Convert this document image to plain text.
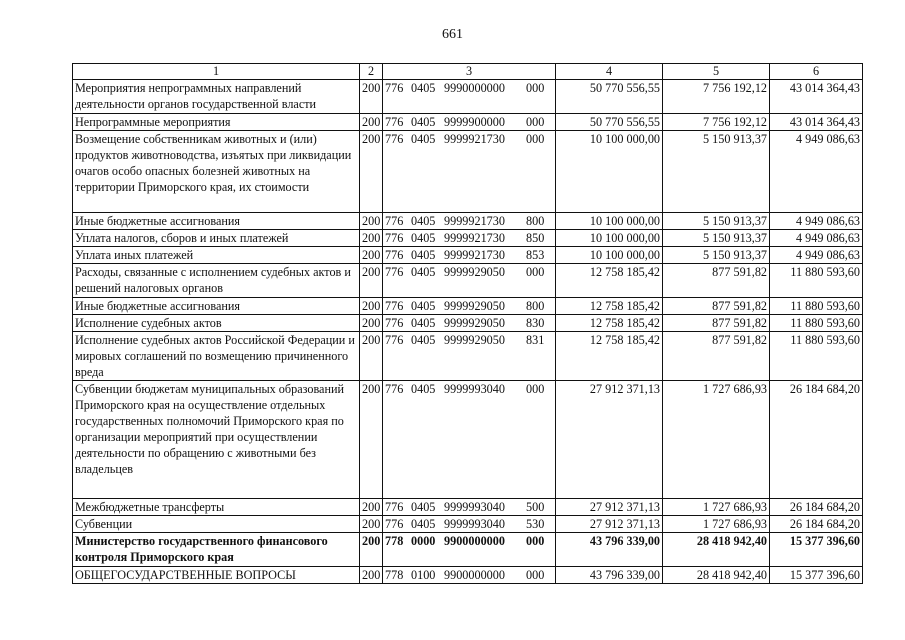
661
1	2	3	4	5	6
Мероприятия непрограммных направлений деятельности органов государственной власти	200	776 0405 9990000000 000	50 770 556,55	7 756 192,12	43 014 364,43
Непрограммные мероприятия	200	776 0405 9999900000 000	50 770 556,55	7 756 192,12	43 014 364,43
Возмещение собственникам животных и (или) продуктов животноводства, изъятых при ликвидации очагов особо опасных болезней животных на территории Приморского края, их стоимости	200	776 0405 9999921730 000	10 100 000,00	5 150 913,37	4 949 086,63
Иные бюджетные ассигнования	200	776 0405 9999921730 800	10 100 000,00	5 150 913,37	4 949 086,63
Уплата налогов, сборов и иных платежей	200	776 0405 9999921730 850	10 100 000,00	5 150 913,37	4 949 086,63
Уплата иных платежей	200	776 0405 9999921730 853	10 100 000,00	5 150 913,37	4 949 086,63
Расходы, связанные с исполнением судебных актов и решений налоговых органов	200	776 0405 9999929050 000	12 758 185,42	877 591,82	11 880 593,60
Иные бюджетные ассигнования	200	776 0405 9999929050 800	12 758 185,42	877 591,82	11 880 593,60
Исполнение судебных актов	200	776 0405 9999929050 830	12 758 185,42	877 591,82	11 880 593,60
Исполнение судебных актов Российской Федерации и мировых соглашений по возмещению причиненного вреда	200	776 0405 9999929050 831	12 758 185,42	877 591,82	11 880 593,60
Субвенции бюджетам муниципальных образований Приморского края на осуществление отдельных государственных полномочий Приморского края по организации мероприятий при осуществлении деятельности по обращению с животными без владельцев	200	776 0405 9999993040 000	27 912 371,13	1 727 686,93	26 184 684,20
Межбюджетные трансферты	200	776 0405 9999993040 500	27 912 371,13	1 727 686,93	26 184 684,20
Субвенции	200	776 0405 9999993040 530	27 912 371,13	1 727 686,93	26 184 684,20
Министерство государственного финансового контроля Приморского края	200	778 0000 9900000000 000	43 796 339,00	28 418 942,40	15 377 396,60
ОБЩЕГОСУДАРСТВЕННЫЕ ВОПРОСЫ	200	778 0100 9900000000 000	43 796 339,00	28 418 942,40	15 377 396,60
